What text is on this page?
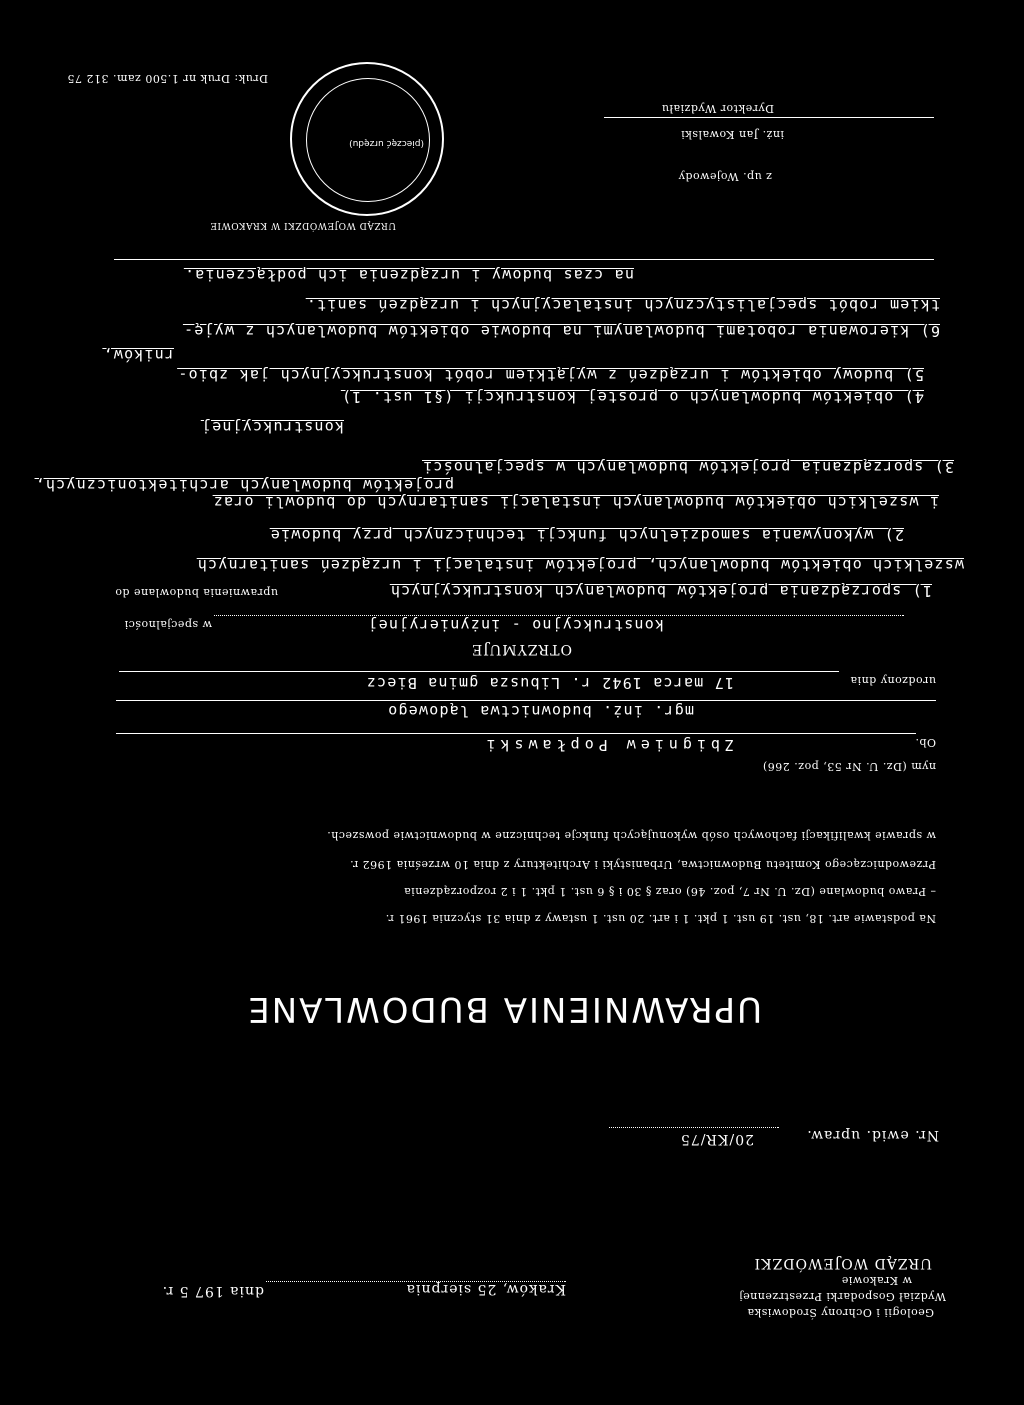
Geologii i Ochrony Środowiska
Wydział Gospodarki Przestrzennej
w Krakowie
URZĄD WOJEWÓDZKI
Kraków, 25 sierpnia
dnia 197 5 r.
Nr. ewid. upraw.
20/KR/75
UPRAWNIENIA BUDOWLANE
Na podstawie art. 18, ust. 19 ust. 1 pkt. 1 i art. 20 ust. 1 ustawy z dnia 31 stycznia 1961 r.
– Prawo budowlane (Dz. U. Nr 7, poz. 46) oraz § 30 i § 6 ust. 1 pkt. 1 i 2 rozporządzenia
Przewodniczącego Komitetu Budownictwa, Urbanistyki i Architektury z dnia 10 września 1962 r.
w sprawie kwalifikacji fachowych osób wykonujących funkcje techniczne w budownictwie powszech.
nym (Dz. U. Nr 53, poz. 266)
Ob.
Zbigniew Popławski
mgr. inż. budownictwa lądowego
urodzony dnia
17 marca 1942 r. Libusza gmina Biecz
OTRZYMUJE
w specjalności	konstrukcyjno - inżynieryjnej
uprawnienia budowlane do	1) sporządzania projektów budowlanych konstrukcyjnych
wszelkich obiektów budowlanych, projektów instalacji i urządzeń sanitarnych
2) wykonywania samodzielnych funkcji technicznych przy budowie
i wszelkich obiektów budowlanych instalacji sanitarnych do budowli oraz
projektów budowlanych architektonicznych,
3) sporządzania projektów budowlanych w specjalności
konstrukcyjnej
4) obiektów budowlanych o prostej konstrukcji (§1 ust. 1)
5) budowy obiektów i urządzeń z wyjątkiem robót konstrukcyjnych jak zbio-
rników,
6) kierowania robotami budowlanymi na budowie obiektów budowlanych z wyję-
tkiem robót specjalistycznych instalacyjnych i urządzeń sanit.
na czas budowy i urządzenia ich podłączenia.
z up. Wojewody
inż. Jan Kowalski
Dyrektor Wydziału
(pieczęć urzędu)
URZĄD WOJEWÓDZKI W KRAKOWIE
Druk: Druk nr 1.500 zam. 312 75
